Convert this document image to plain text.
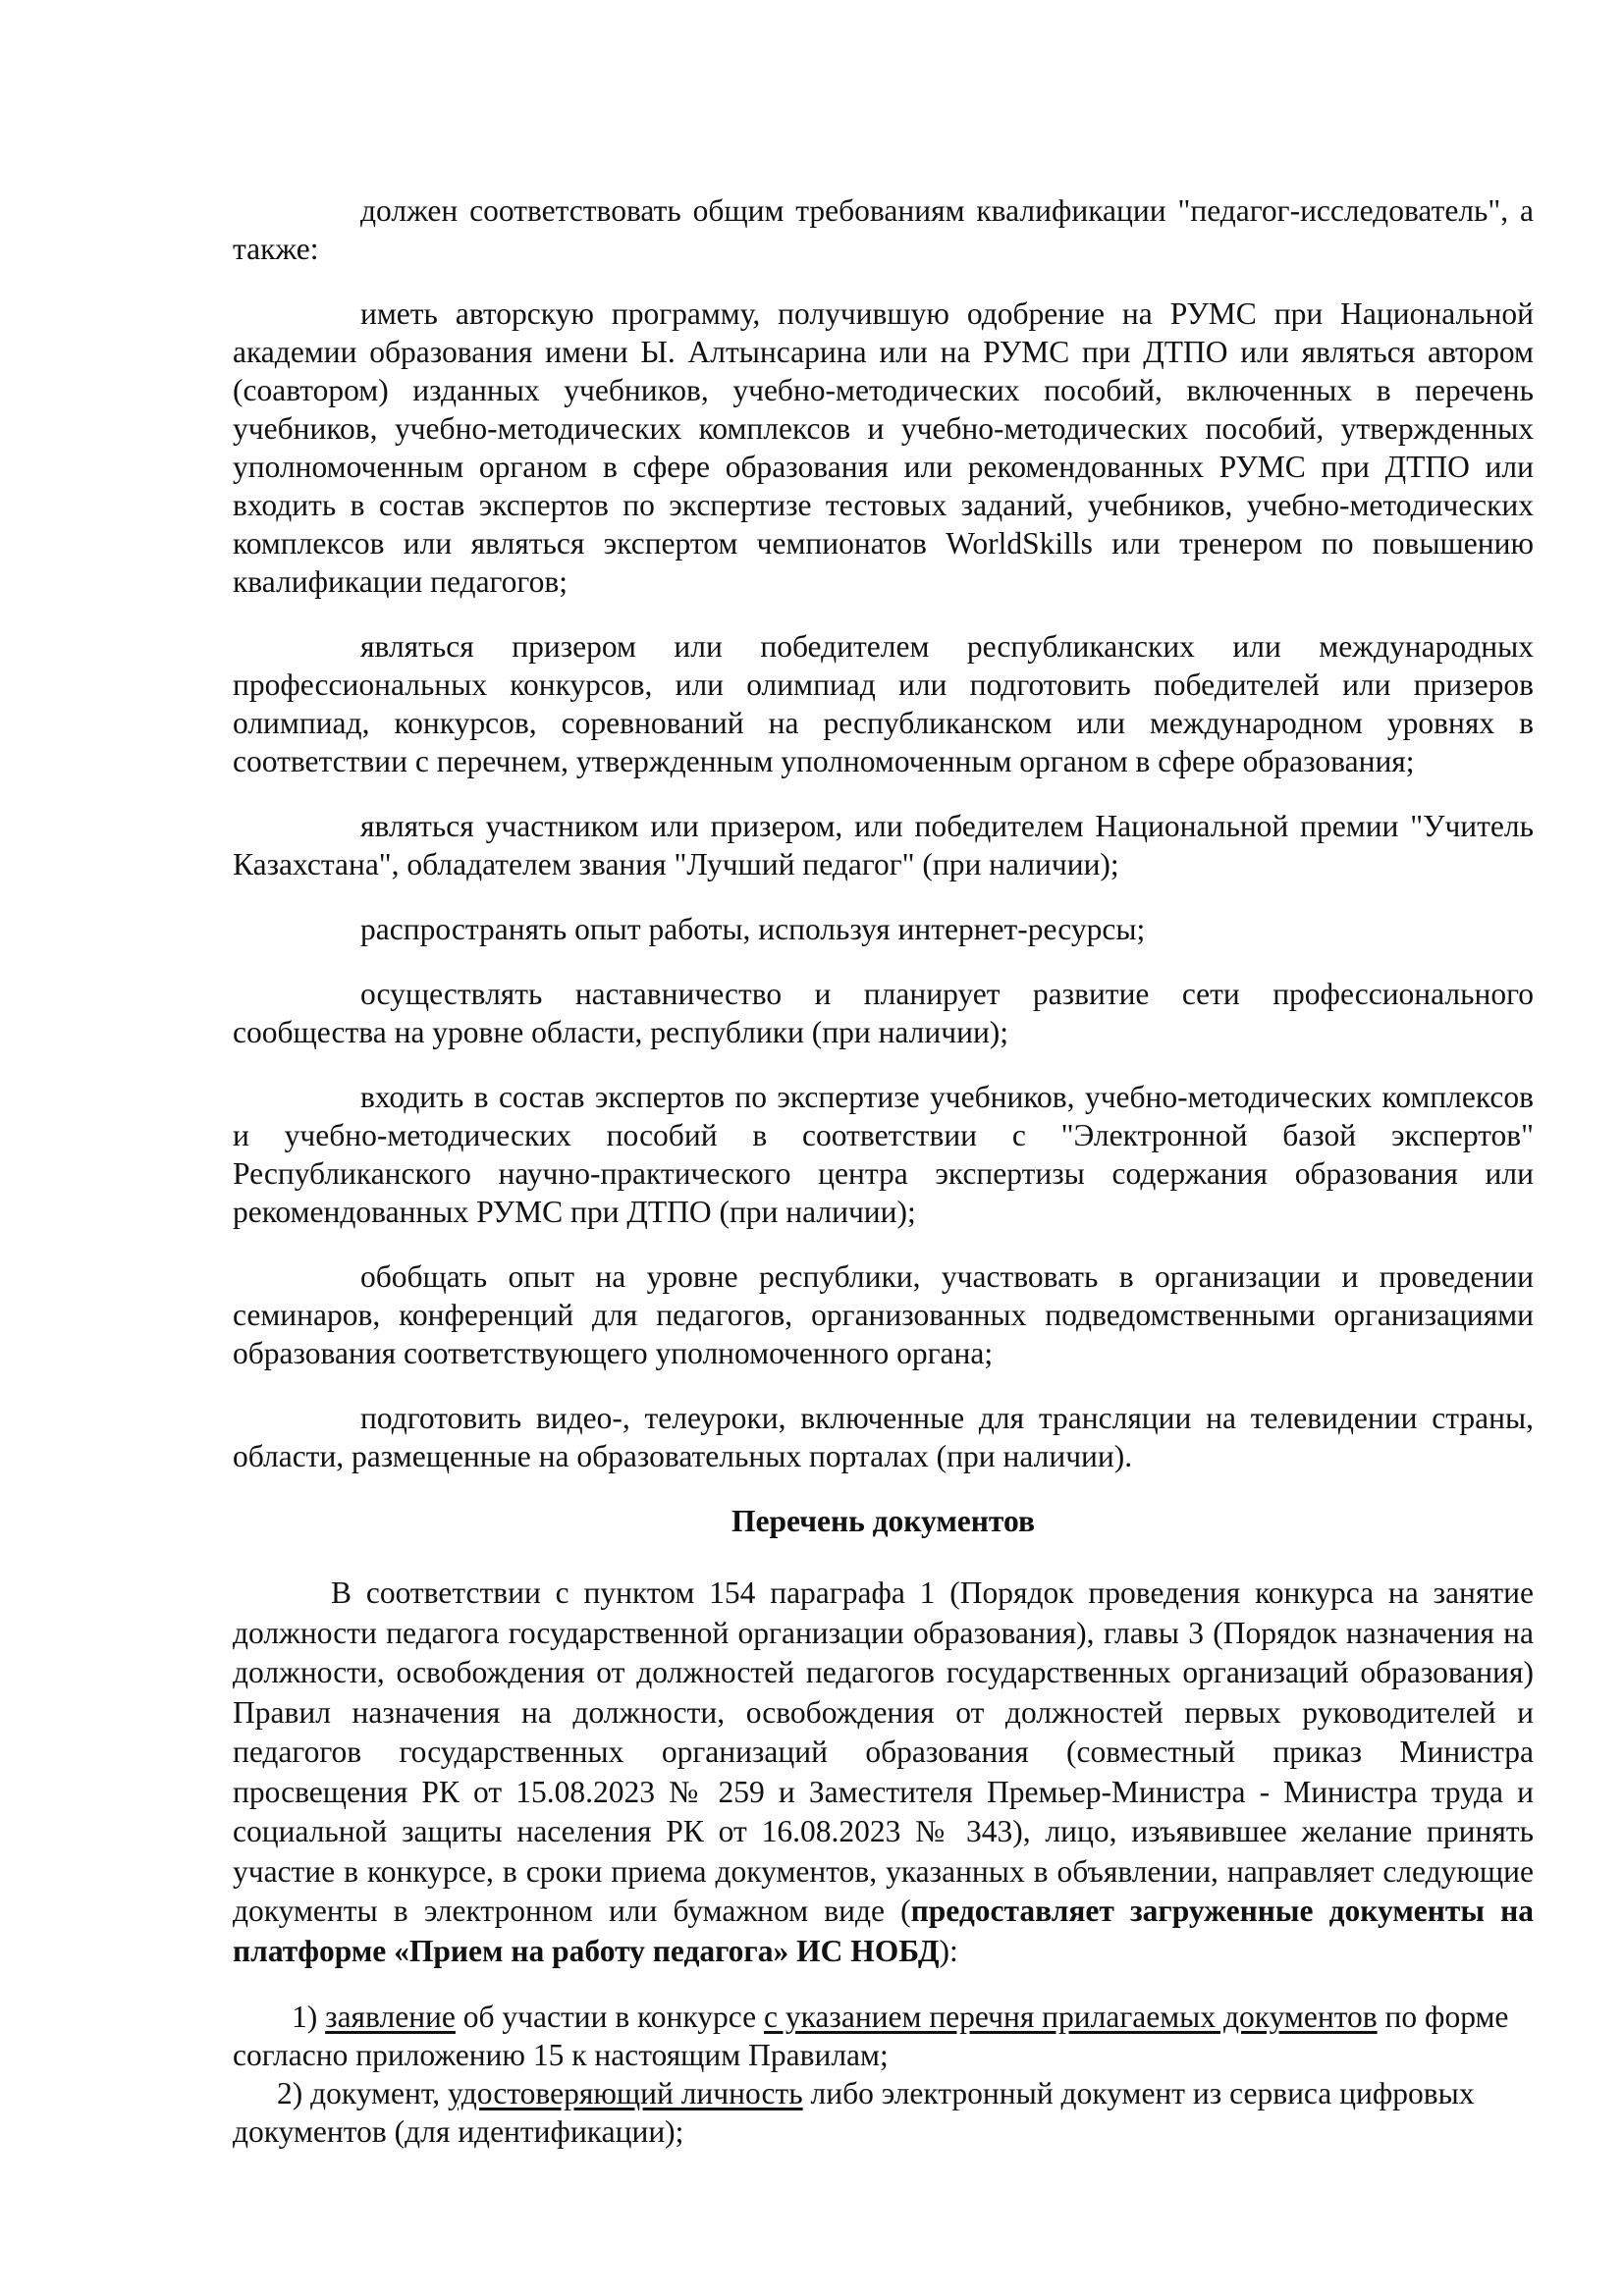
должен соответствовать общим требованиям квалификации "педагог-исследователь", а также:

иметь авторскую программу, получившую одобрение на РУМС при Национальной академии образования имени Ы. Алтынсарина или на РУМС при ДТПО или являться автором (соавтором) изданных учебников, учебно-методических пособий, включенных в перечень учебников, учебно-методических комплексов и учебно-методических пособий, утвержденных уполномоченным органом в сфере образования или рекомендованных РУМС при ДТПО или входить в состав экспертов по экспертизе тестовых заданий, учебников, учебно-методических комплексов или являться экспертом чемпионатов WorldSkills или тренером по повышению квалификации педагогов;

являться призером или победителем республиканских или международных профессиональных конкурсов, или олимпиад или подготовить победителей или призеров олимпиад, конкурсов, соревнований на республиканском или международном уровнях в соответствии с перечнем, утвержденным уполномоченным органом в сфере образования;

являться участником или призером, или победителем Национальной премии "Учитель Казахстана", обладателем звания "Лучший педагог" (при наличии);

распространять опыт работы, используя интернет-ресурсы;

осуществлять наставничество и планирует развитие сети профессионального сообщества на уровне области, республики (при наличии);

входить в состав экспертов по экспертизе учебников, учебно-методических комплексов и учебно-методических пособий в соответствии с "Электронной базой экспертов" Республиканского научно-практического центра экспертизы содержания образования или рекомендованных РУМС при ДТПО (при наличии);

обобщать опыт на уровне республики, участвовать в организации и проведении семинаров, конференций для педагогов, организованных подведомственными организациями образования соответствующего уполномоченного органа;

подготовить видео-, телеуроки, включенные для трансляции на телевидении страны, области, размещенные на образовательных порталах (при наличии).

Перечень документов

В соответствии с пунктом 154 параграфа 1 (Порядок проведения конкурса на занятие должности педагога государственной организации образования), главы 3 (Порядок назначения на должности, освобождения от должностей педагогов государственных организаций образования) Правил назначения на должности, освобождения от должностей первых руководителей и педагогов государственных организаций образования (совместный приказ Министра просвещения РК от 15.08.2023 № 259 и Заместителя Премьер-Министра - Министра труда и социальной защиты населения РК от 16.08.2023 № 343), лицо, изъявившее желание принять участие в конкурсе, в сроки приема документов, указанных в объявлении, направляет следующие документы в электронном или бумажном виде (предоставляет загруженные документы на платформе «Прием на работу педагога» ИС НОБД):

1) заявление об участии в конкурсе с указанием перечня прилагаемых документов по форме согласно приложению 15 к настоящим Правилам;

2) документ, удостоверяющий личность либо электронный документ из сервиса цифровых документов (для идентификации);
